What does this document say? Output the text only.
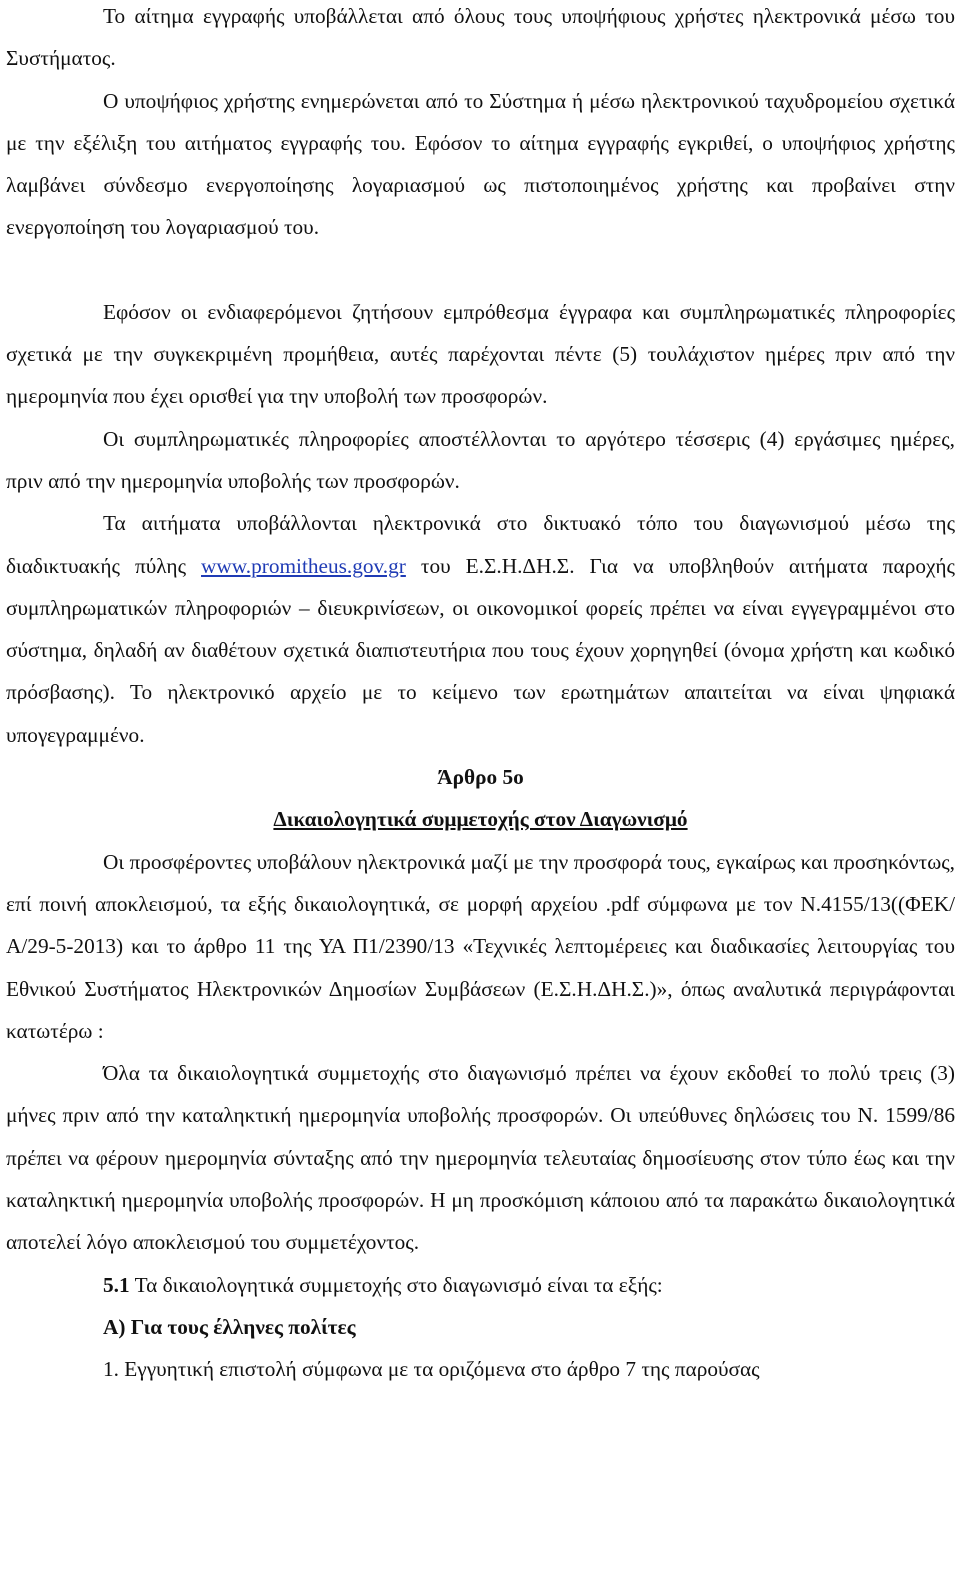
Το αίτημα εγγραφής υποβάλλεται από όλους τους υποψήφιους χρήστες ηλεκτρονικά μέσω του Συστήματος.

Ο υποψήφιος χρήστης ενημερώνεται από το Σύστημα ή μέσω ηλεκτρονικού ταχυδρομείου σχετικά με την εξέλιξη του αιτήματος εγγραφής του. Εφόσον το αίτημα εγγραφής εγκριθεί, ο υποψήφιος χρήστης λαμβάνει σύνδεσμο ενεργοποίησης λογαριασμού ως πιστοποιημένος χρήστης και προβαίνει στην ενεργοποίηση του λογαριασμού του.

Εφόσον οι ενδιαφερόμενοι ζητήσουν εμπρόθεσμα έγγραφα και συμπληρωματικές πληροφορίες σχετικά με την συγκεκριμένη προμήθεια, αυτές παρέχονται πέντε (5) τουλάχιστον ημέρες πριν από την ημερομηνία που έχει ορισθεί για την υποβολή των προσφορών.

Οι συμπληρωματικές πληροφορίες αποστέλλονται το αργότερο τέσσερις (4) εργάσιμες ημέρες, πριν από την ημερομηνία υποβολής των προσφορών.

Τα αιτήματα υποβάλλονται ηλεκτρονικά στο δικτυακό τόπο του διαγωνισμού μέσω της διαδικτυακής πύλης www.promitheus.gov.gr του Ε.Σ.Η.ΔΗ.Σ. Για να υποβληθούν αιτήματα παροχής συμπληρωματικών πληροφοριών – διευκρινίσεων, οι οικονομικοί φορείς πρέπει να είναι εγγεγραμμένοι στο σύστημα, δηλαδή αν διαθέτουν σχετικά διαπιστευτήρια που τους έχουν χορηγηθεί (όνομα χρήστη και κωδικό πρόσβασης). Το ηλεκτρονικό αρχείο με το κείμενο των ερωτημάτων απαιτείται να είναι ψηφιακά υπογεγραμμένο.

Άρθρο 5ο

Δικαιολογητικά συμμετοχής στον Διαγωνισμό

Οι προσφέροντες υποβάλουν ηλεκτρονικά μαζί με την προσφορά τους, εγκαίρως και προσηκόντως, επί ποινή αποκλεισμού, τα εξής δικαιολογητικά, σε μορφή αρχείου .pdf σύμφωνα με τον Ν.4155/13((ΦΕΚ/Α/29-5-2013) και το άρθρο 11 της ΥΑ Π1/2390/13 «Τεχνικές λεπτομέρειες και διαδικασίες λειτουργίας του Εθνικού Συστήματος Ηλεκτρονικών Δημοσίων Συμβάσεων (Ε.Σ.Η.ΔΗ.Σ.)», όπως αναλυτικά περιγράφονται κατωτέρω :

Όλα τα δικαιολογητικά συμμετοχής στο διαγωνισμό πρέπει να έχουν εκδοθεί το πολύ τρεις (3) μήνες πριν από την καταληκτική ημερομηνία υποβολής προσφορών. Οι υπεύθυνες δηλώσεις του Ν. 1599/86 πρέπει να φέρουν ημερομηνία σύνταξης από την ημερομηνία τελευταίας δημοσίευσης στον τύπο έως και την καταληκτική ημερομηνία υποβολής προσφορών. Η μη προσκόμιση κάποιου από τα παρακάτω δικαιολογητικά αποτελεί λόγο αποκλεισμού του συμμετέχοντος.

5.1 Τα δικαιολογητικά συμμετοχής στο διαγωνισμό είναι τα εξής:

Α) Για τους έλληνες πολίτες

1. Εγγυητική επιστολή σύμφωνα με τα οριζόμενα στο άρθρο 7 της παρούσας
